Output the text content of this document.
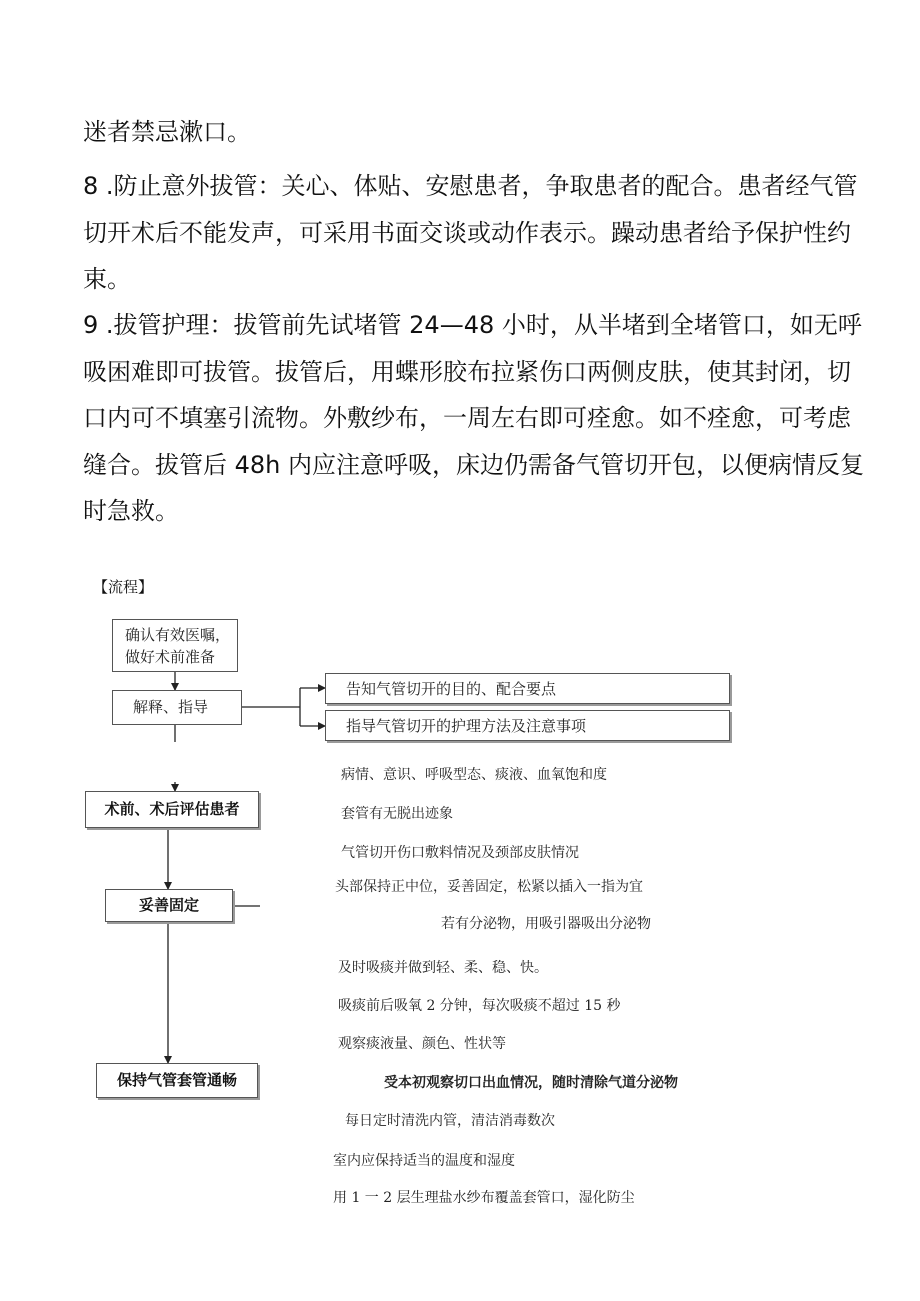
迷者禁忌漱口。

8 .防止意外拔管：关心、体贴、安慰患者，争取患者的配合。患者经气管
切开术后不能发声，可采用书面交谈或动作表示。躁动患者给予保护性约
束。

9 .拔管护理：拔管前先试堵管 24—48 小时，从半堵到全堵管口，如无呼
吸困难即可拔管。拔管后，用蝶形胶布拉紧伤口两侧皮肤，使其封闭，切
口内可不填塞引流物。外敷纱布，一周左右即可痊愈。如不痊愈，可考虑
缝合。拔管后 48h 内应注意呼吸，床边仍需备气管切开包，以便病情反复
时急救。

【流程】
确认有效医嘱，
做好术前准备
解释、指导
告知气管切开的目的、配合要点
指导气管切开的护理方法及注意事项
术前、术后评估患者
妥善固定
保持气管套管通畅
病情、意识、呼吸型态、痰液、血氧饱和度
套管有无脱出迹象
气管切开伤口敷料情况及颈部皮肤情况
头部保持正中位，妥善固定，松紧以插入一指为宜
若有分泌物，用吸引器吸出分泌物
及时吸痰并做到轻、柔、稳、快。
吸痰前后吸氧 2 分钟，每次吸痰不超过 15 秒
观察痰液量、颜色、性状等
受本初观察切口出血情况，随时清除气道分泌物
每日定时清洗内管，清洁消毒数次
室内应保持适当的温度和湿度
用 1 一 2 层生理盐水纱布覆盖套管口，湿化防尘
